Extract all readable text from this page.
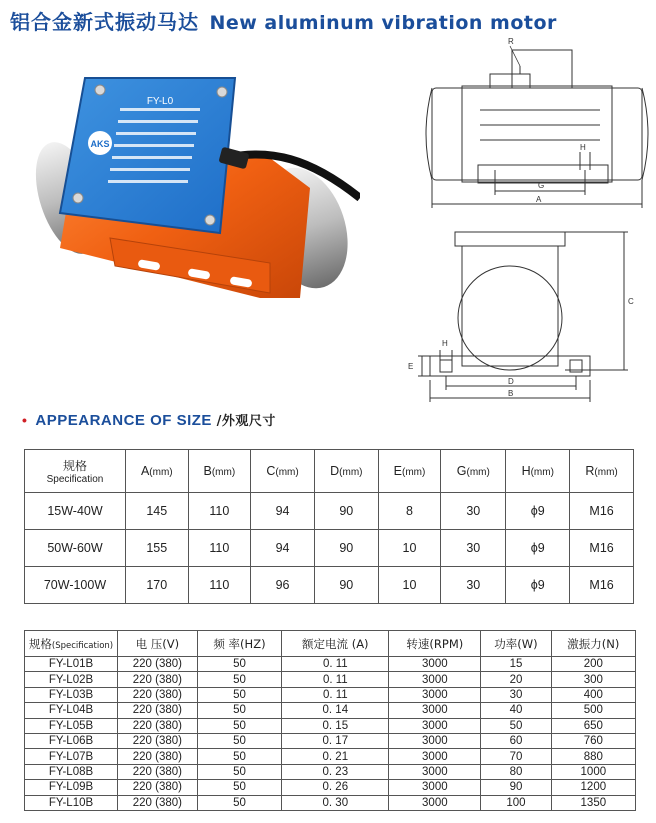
铝合金新式振动马达 New aluminum vibration motor
AKS
FY-L0
R
H
G
A
C
H
E
D
B
• APPEARANCE OF SIZE /外观尺寸
规格
Specification	A(mm)	B(mm)	C(mm)	D(mm)	E(mm)	G(mm)	H(mm)	R(mm)
15W-40W	145	110	94	90	8	30	ϕ9	M16
50W-60W	155	110	94	90	10	30	ϕ9	M16
70W-100W	170	110	96	90	10	30	ϕ9	M16
规格(Specification)	电 压(V)	频 率(HZ)	额定电流 (A)	转速(RPM)	功率(W)	激振力(N)
FY-L01B	220 (380)	50	0. 11	3000	15	200
FY-L02B	220 (380)	50	0. 11	3000	20	300
FY-L03B	220 (380)	50	0. 11	3000	30	400
FY-L04B	220 (380)	50	0. 14	3000	40	500
FY-L05B	220 (380)	50	0. 15	3000	50	650
FY-L06B	220 (380)	50	0. 17	3000	60	760
FY-L07B	220 (380)	50	0. 21	3000	70	880
FY-L08B	220 (380)	50	0. 23	3000	80	1000
FY-L09B	220 (380)	50	0. 26	3000	90	1200
FY-L10B	220 (380)	50	0. 30	3000	100	1350
